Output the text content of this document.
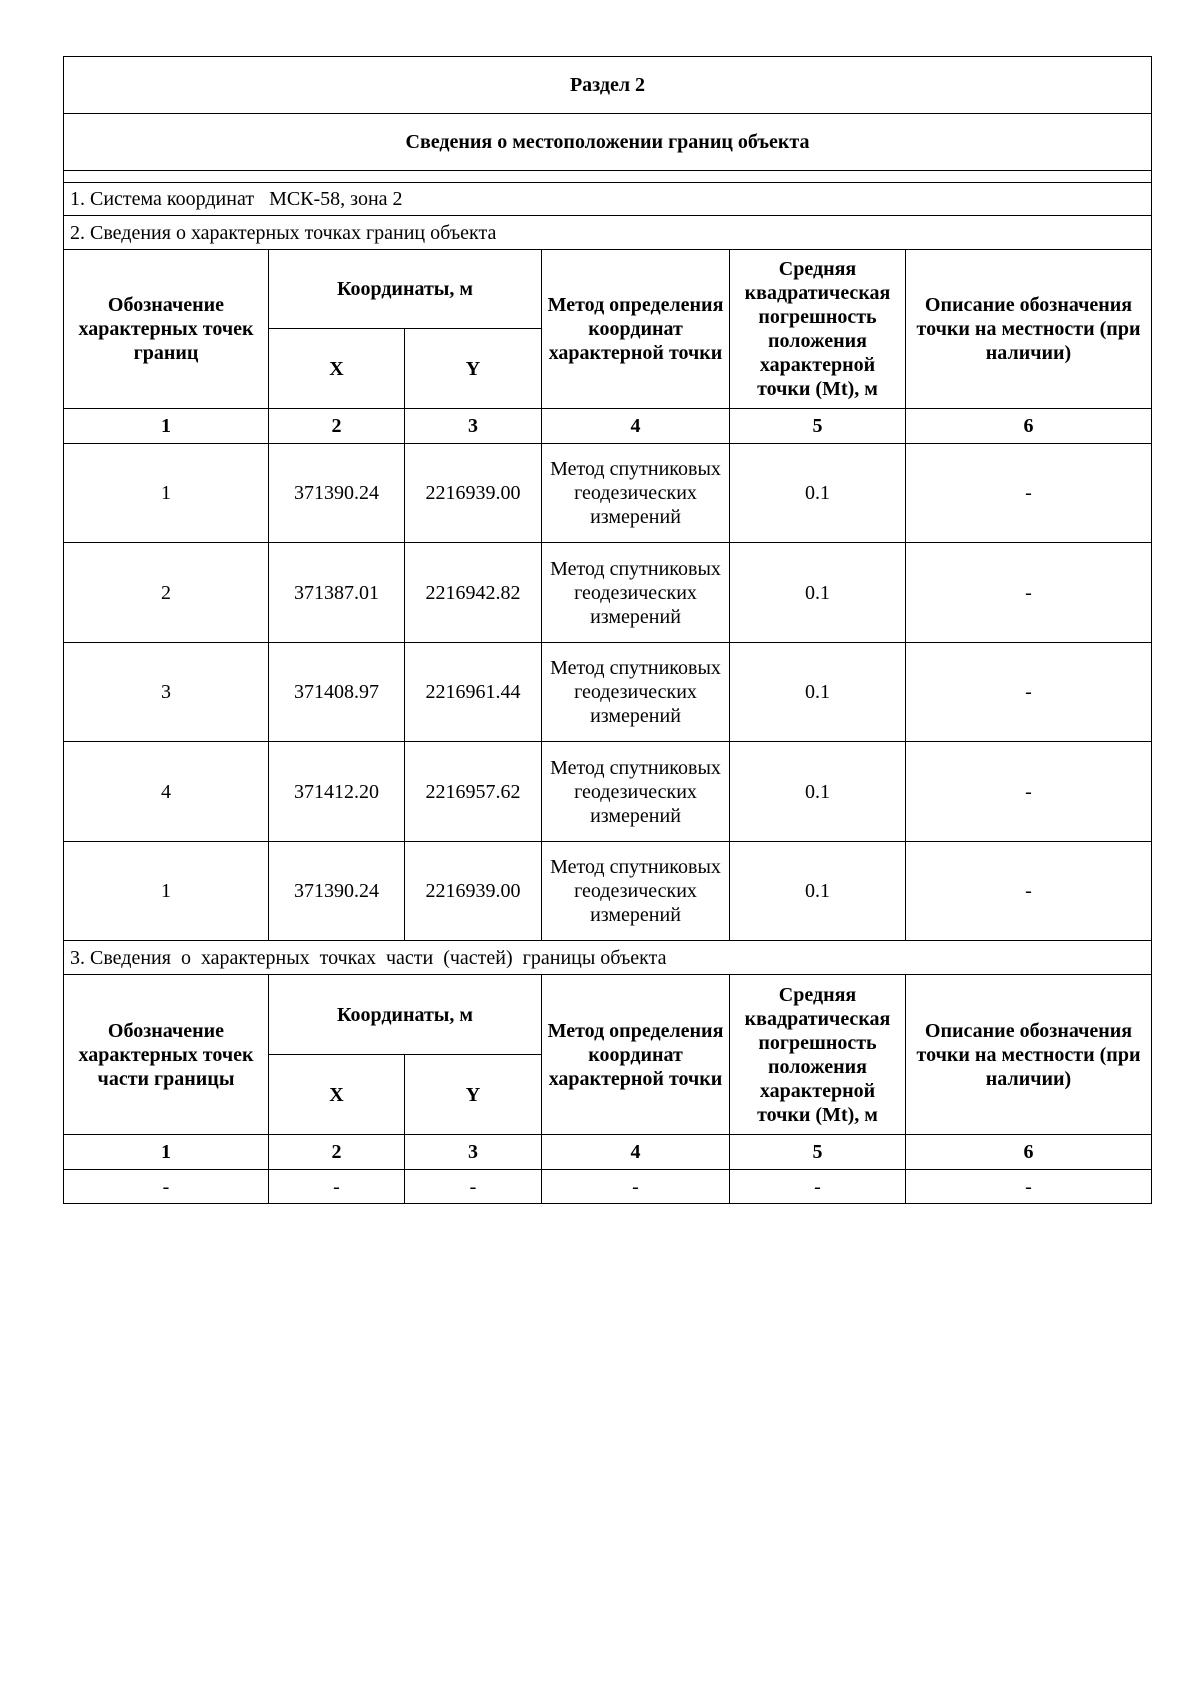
Раздел 2					
Сведения о местоположении границ объекта					

1. Система координат МСК-58, зона 2					
2. Сведения о характерных точках границ объекта					
Обозначение характерных точек границ	Координаты, м		Метод определения координат характерной точки	Средняя квадратическая погрешность положения характерной точки (Mt), м	Описание обозначения точки на местности (при наличии)
	X	Y			
1	2	3	4	5	6
1	371390.24	2216939.00	Метод спутниковых геодезических измерений	0.1	-
2	371387.01	2216942.82	Метод спутниковых геодезических измерений	0.1	-
3	371408.97	2216961.44	Метод спутниковых геодезических измерений	0.1	-
4	371412.20	2216957.62	Метод спутниковых геодезических измерений	0.1	-
1	371390.24	2216939.00	Метод спутниковых геодезических измерений	0.1	-
3. Сведения  о  характерных  точках  части  (частей)  границы объекта					
Обозначение характерных точек части границы	Координаты, м		Метод определения координат характерной точки	Средняя квадратическая погрешность положения характерной точки (Mt), м	Описание обозначения точки на местности (при наличии)
	X	Y			
1	2	3	4	5	6
-	-	-	-	-	-
